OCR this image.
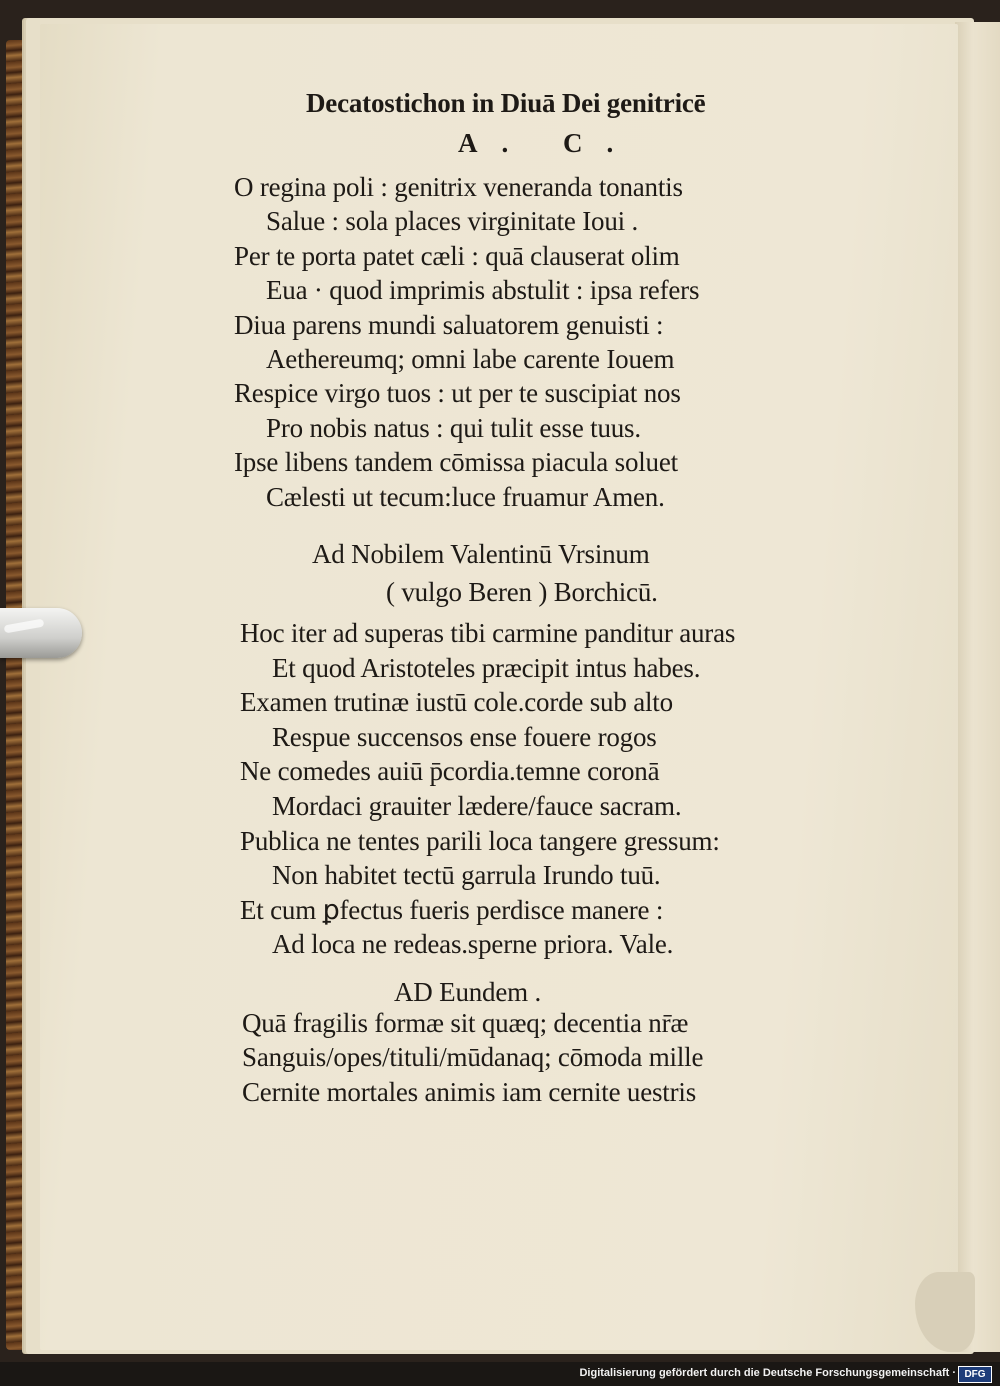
Decatostichon in Diuā Dei genitricē
A. C.
O regina poli : genitrix veneranda tonantis
Salue : sola places virginitate Ioui .
Per te porta patet cæli : quā clauserat olim
Eua · quod imprimis abstulit : ipsa refers
Diua parens mundi saluatorem genuisti :
Aethereumq; omni labe carente Iouem
Respice virgo tuos : ut per te suscipiat nos
Pro nobis natus : qui tulit esse tuus.
Ipse libens tandem cōmissa piacula soluet
Cælesti ut tecum:luce fruamur Amen.
Ad Nobilem Valentinū Vrsinum
( vulgo Beren ) Borchicū.
Hoc iter ad superas tibi carmine panditur auras
Et quod Aristoteles præcipit intus habes.
Examen trutinæ iustū cole.corde sub alto
Respue succensos ense fouere rogos
Ne comedes auiū p̄cordia.temne coronā
Mordaci grauiter lædere/fauce sacram.
Publica ne tentes parili loca tangere gressum:
Non habitet tectū garrula Irundo tuū.
Et cum ꝑfectus fueris perdisce manere :
Ad loca ne redeas.sperne priora. Vale.
AD Eundem .
Quā fragilis formæ sit quæq; decentia nr̄æ
Sanguis/opes/tituli/mūdanaq; cōmoda mille
Cernite mortales animis iam cernite uestris
Digitalisierung gefördert durch die Deutsche Forschungsgemeinschaft · DFG
